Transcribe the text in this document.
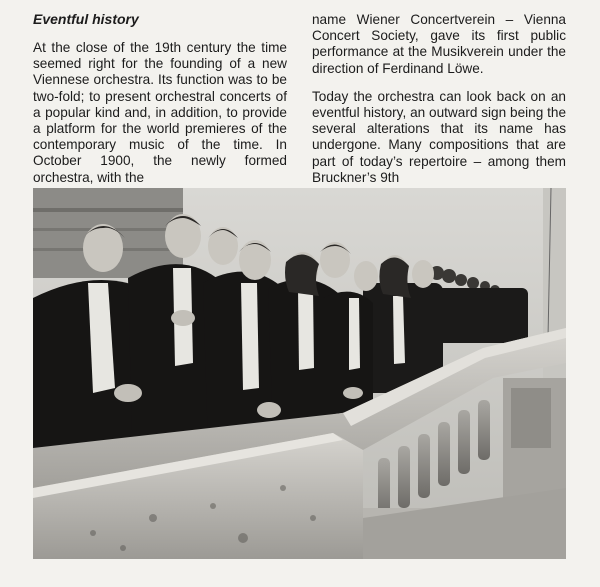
Eventful history

At the close of the 19th century the time seemed right for the founding of a new Viennese orchestra. Its function was to be two-fold; to present orchestral concerts of a popular kind and, in addition, to provide a platform for the world premieres of the contemporary music of the time. In October 1900, the newly formed orchestra, with the

name Wiener Concertverein – Vienna Concert Society, gave its first public performance at the Musikverein under the direction of Ferdinand Löwe.

Today the orchestra can look back on an eventful history, an outward sign being the several alterations that its name has undergone. Many compositions that are part of today’s repertoire – among them Bruckner’s 9th
